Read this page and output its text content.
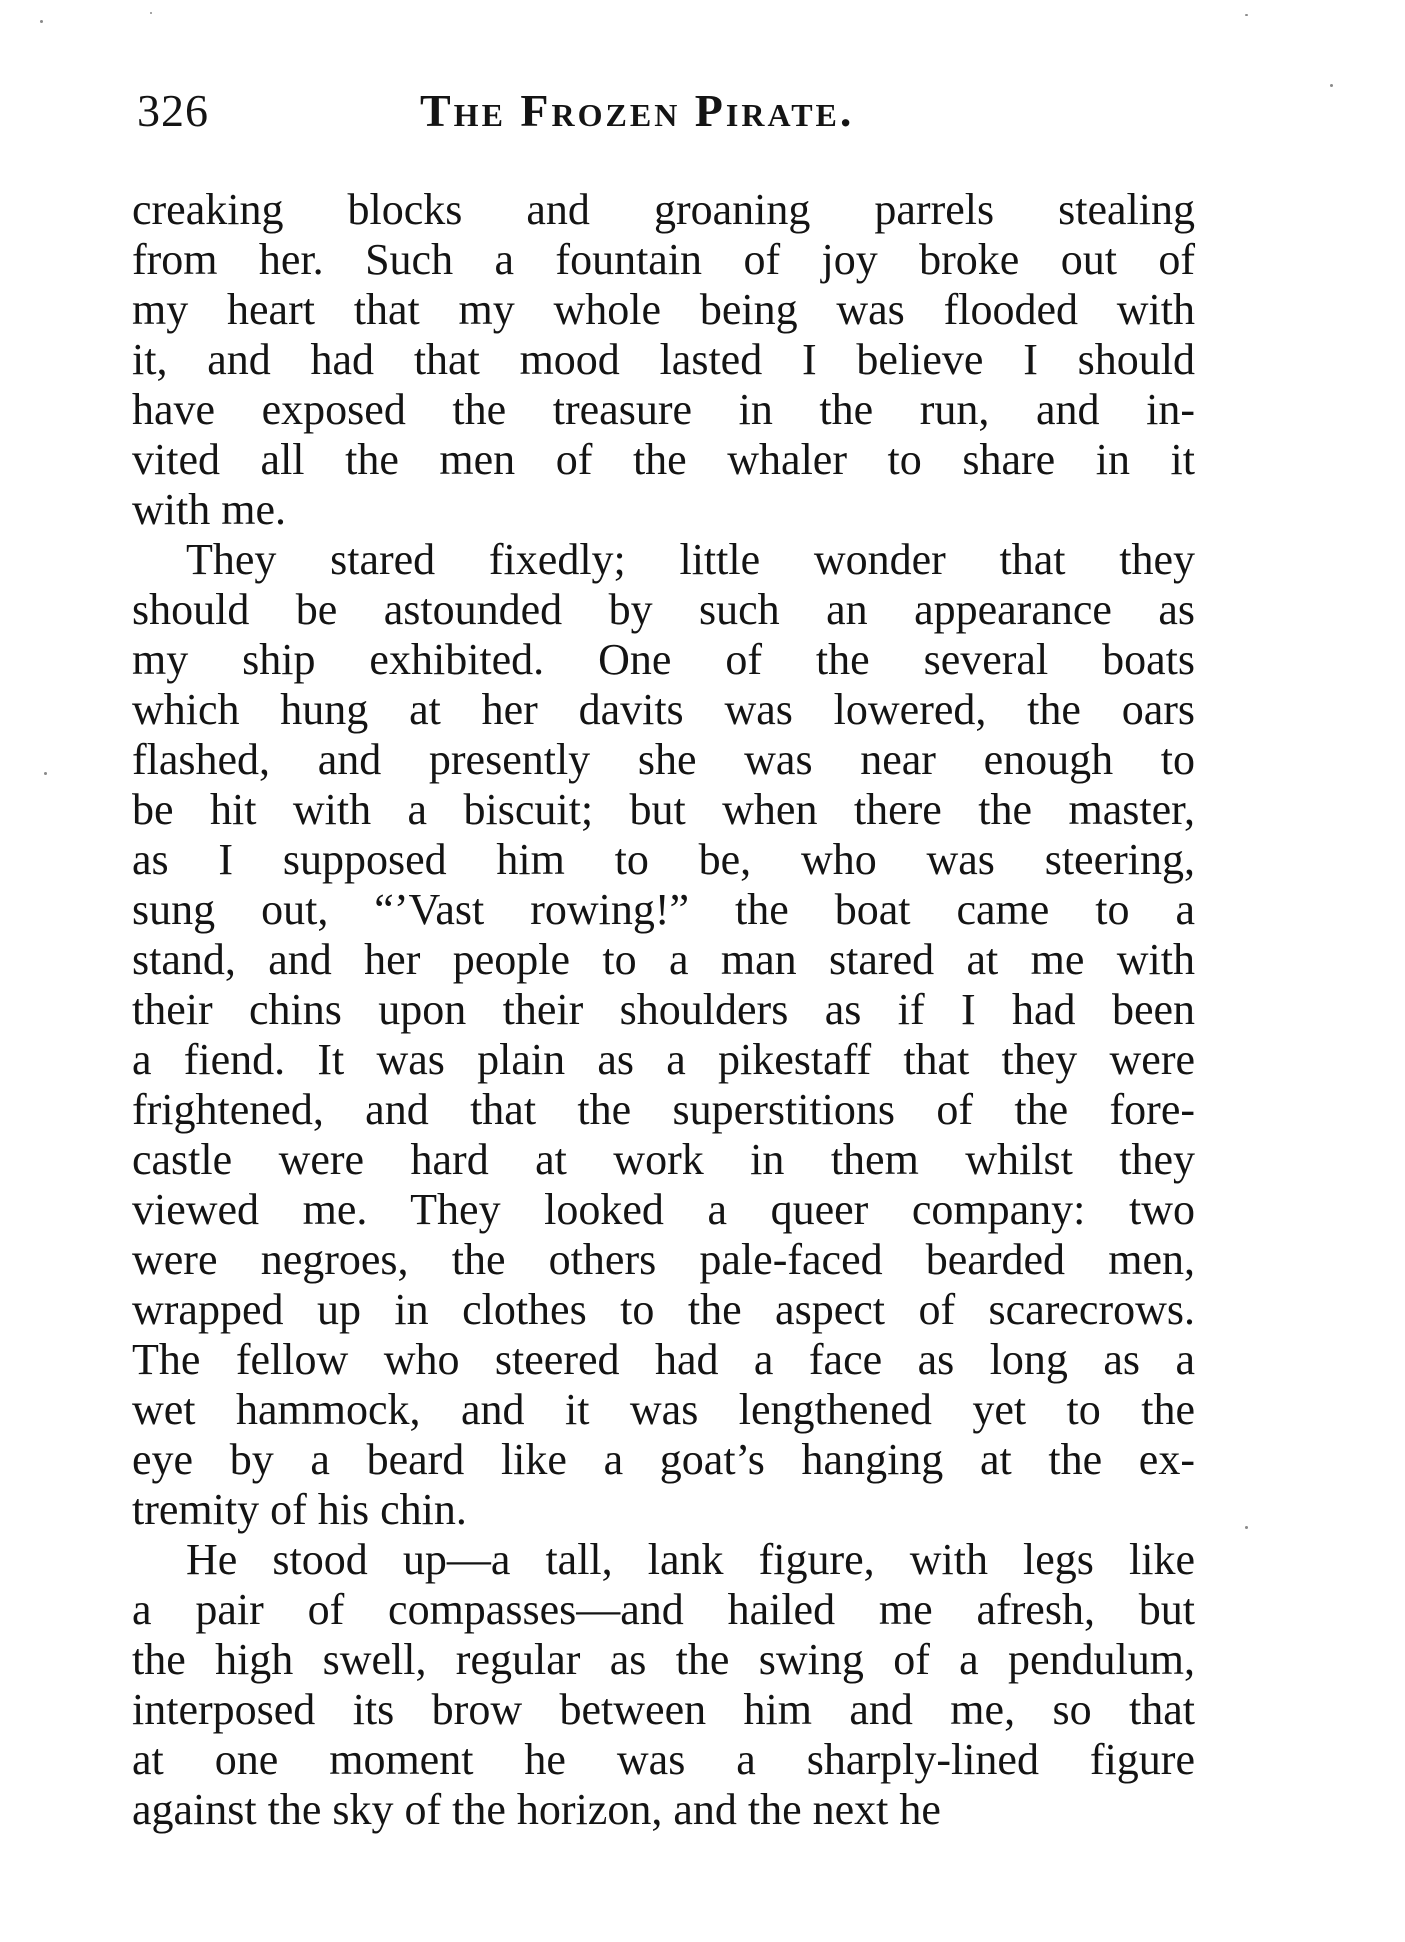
326	The Frozen Pirate.
creaking blocks and groaning parrels stealing
from her. Such a fountain of joy broke out of
my heart that my whole being was flooded with
it, and had that mood lasted I believe I should
have exposed the treasure in the run, and in-
vited all the men of the whaler to share in it
with me.
They stared fixedly; little wonder that they
should be astounded by such an appearance as
my ship exhibited. One of the several boats
which hung at her davits was lowered, the oars
flashed, and presently she was near enough to
be hit with a biscuit; but when there the master,
as I supposed him to be, who was steering,
sung out, “’Vast rowing!” the boat came to a
stand, and her people to a man stared at me with
their chins upon their shoulders as if I had been
a fiend. It was plain as a pikestaff that they were
frightened, and that the superstitions of the fore-
castle were hard at work in them whilst they
viewed me. They looked a queer company: two
were negroes, the others pale-faced bearded men,
wrapped up in clothes to the aspect of scarecrows.
The fellow who steered had a face as long as a
wet hammock, and it was lengthened yet to the
eye by a beard like a goat’s hanging at the ex-
tremity of his chin.
He stood up—a tall, lank figure, with legs like
a pair of compasses—and hailed me afresh, but
the high swell, regular as the swing of a pendulum,
interposed its brow between him and me, so that
at one moment he was a sharply-lined figure
against the sky of the horizon, and the next he
